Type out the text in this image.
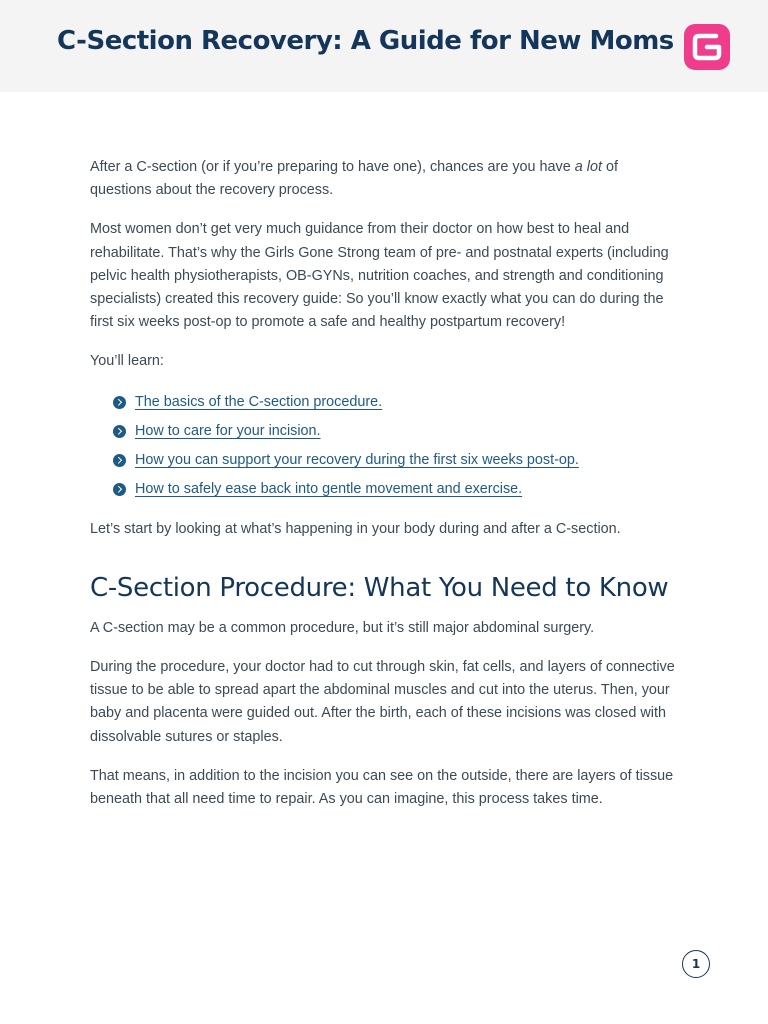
C-Section Recovery: A Guide for New Moms

After a C-section (or if you’re preparing to have one), chances are you have a lot of questions about the recovery process.

Most women don’t get very much guidance from their doctor on how best to heal and rehabilitate. That’s why the Girls Gone Strong team of pre- and postnatal experts (including pelvic health physiotherapists, OB-GYNs, nutrition coaches, and strength and conditioning specialists) created this recovery guide: So you’ll know exactly what you can do during the first six weeks post-op to promote a safe and healthy postpartum recovery!

You’ll learn:

The basics of the C-section procedure.
How to care for your incision.
How you can support your recovery during the first six weeks post-op.
How to safely ease back into gentle movement and exercise.

Let’s start by looking at what’s happening in your body during and after a C-section.

C-Section Procedure: What You Need to Know

A C-section may be a common procedure, but it’s still major abdominal surgery.

During the procedure, your doctor had to cut through skin, fat cells, and layers of connective tissue to be able to spread apart the abdominal muscles and cut into the uterus. Then, your baby and placenta were guided out. After the birth, each of these incisions was closed with dissolvable sutures or staples.

That means, in addition to the incision you can see on the outside, there are layers of tissue beneath that all need time to repair. As you can imagine, this process takes time.

1
